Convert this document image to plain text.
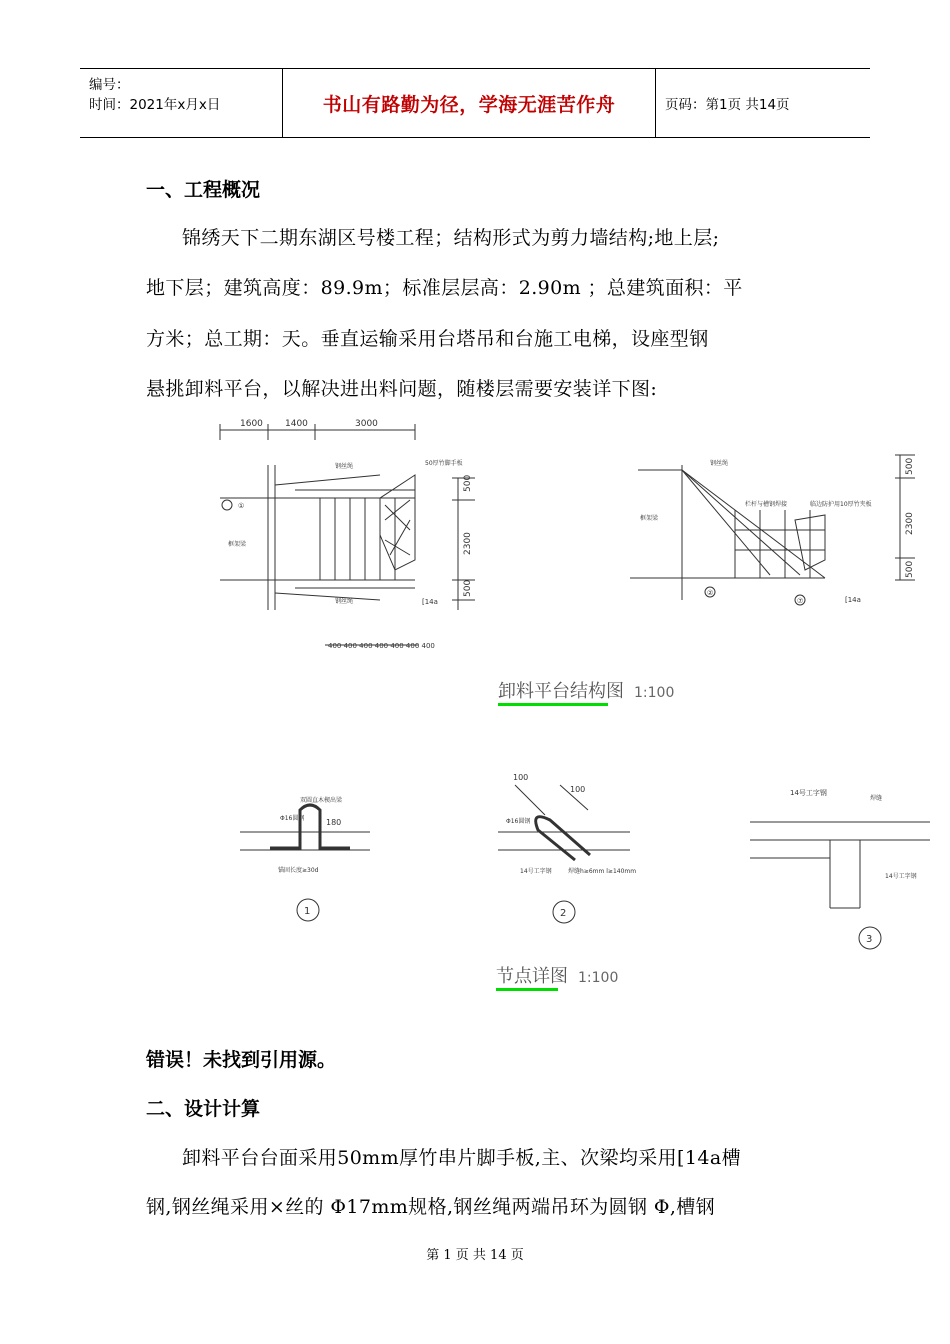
编号：
时间：2021年x月x日	书山有路勤为径，学海无涯苦作舟	页码：第1页 共14页
一、工程概况
锦绣天下二期东湖区号楼工程；结构形式为剪力墙结构;地上层;
地下层；建筑高度：89.9m；标准层层高：2.90m ；总建筑面积：平
方米；总工期：天。垂直运输采用台塔吊和台施工电梯，设座型钢
悬挑卸料平台，以解决进出料问题，随楼层需要安装详下图:
1600 1400	3000
钢丝绳	50厚竹脚手板
框架梁
钢丝绳	[14a
①
400 400 400 400 400 400 400
500
2300
500
钢丝绳
栏杆与槽钢焊接	临边防护用10厚竹夹板
框架梁
[14a
②
⑦
500
2300
500
卸料平台结构图 1:100
双圆直木楔出梁
Φ16圆钢	180
锚固长度≥30d
1
100
100
Φ16圆钢
14号工字钢	焊缝h≥6mm l≥140mm
2
14号工字钢
焊缝
14号工字钢
3
节点详图 1:100
错误！未找到引用源。
二、设计计算
卸料平台台面采用50mm厚竹串片脚手板,主、次梁均采用[14a槽
钢,钢丝绳采用×丝的 Φ17mm规格,钢丝绳两端吊环为圆钢 Φ,槽钢
第 1 页 共 14 页
